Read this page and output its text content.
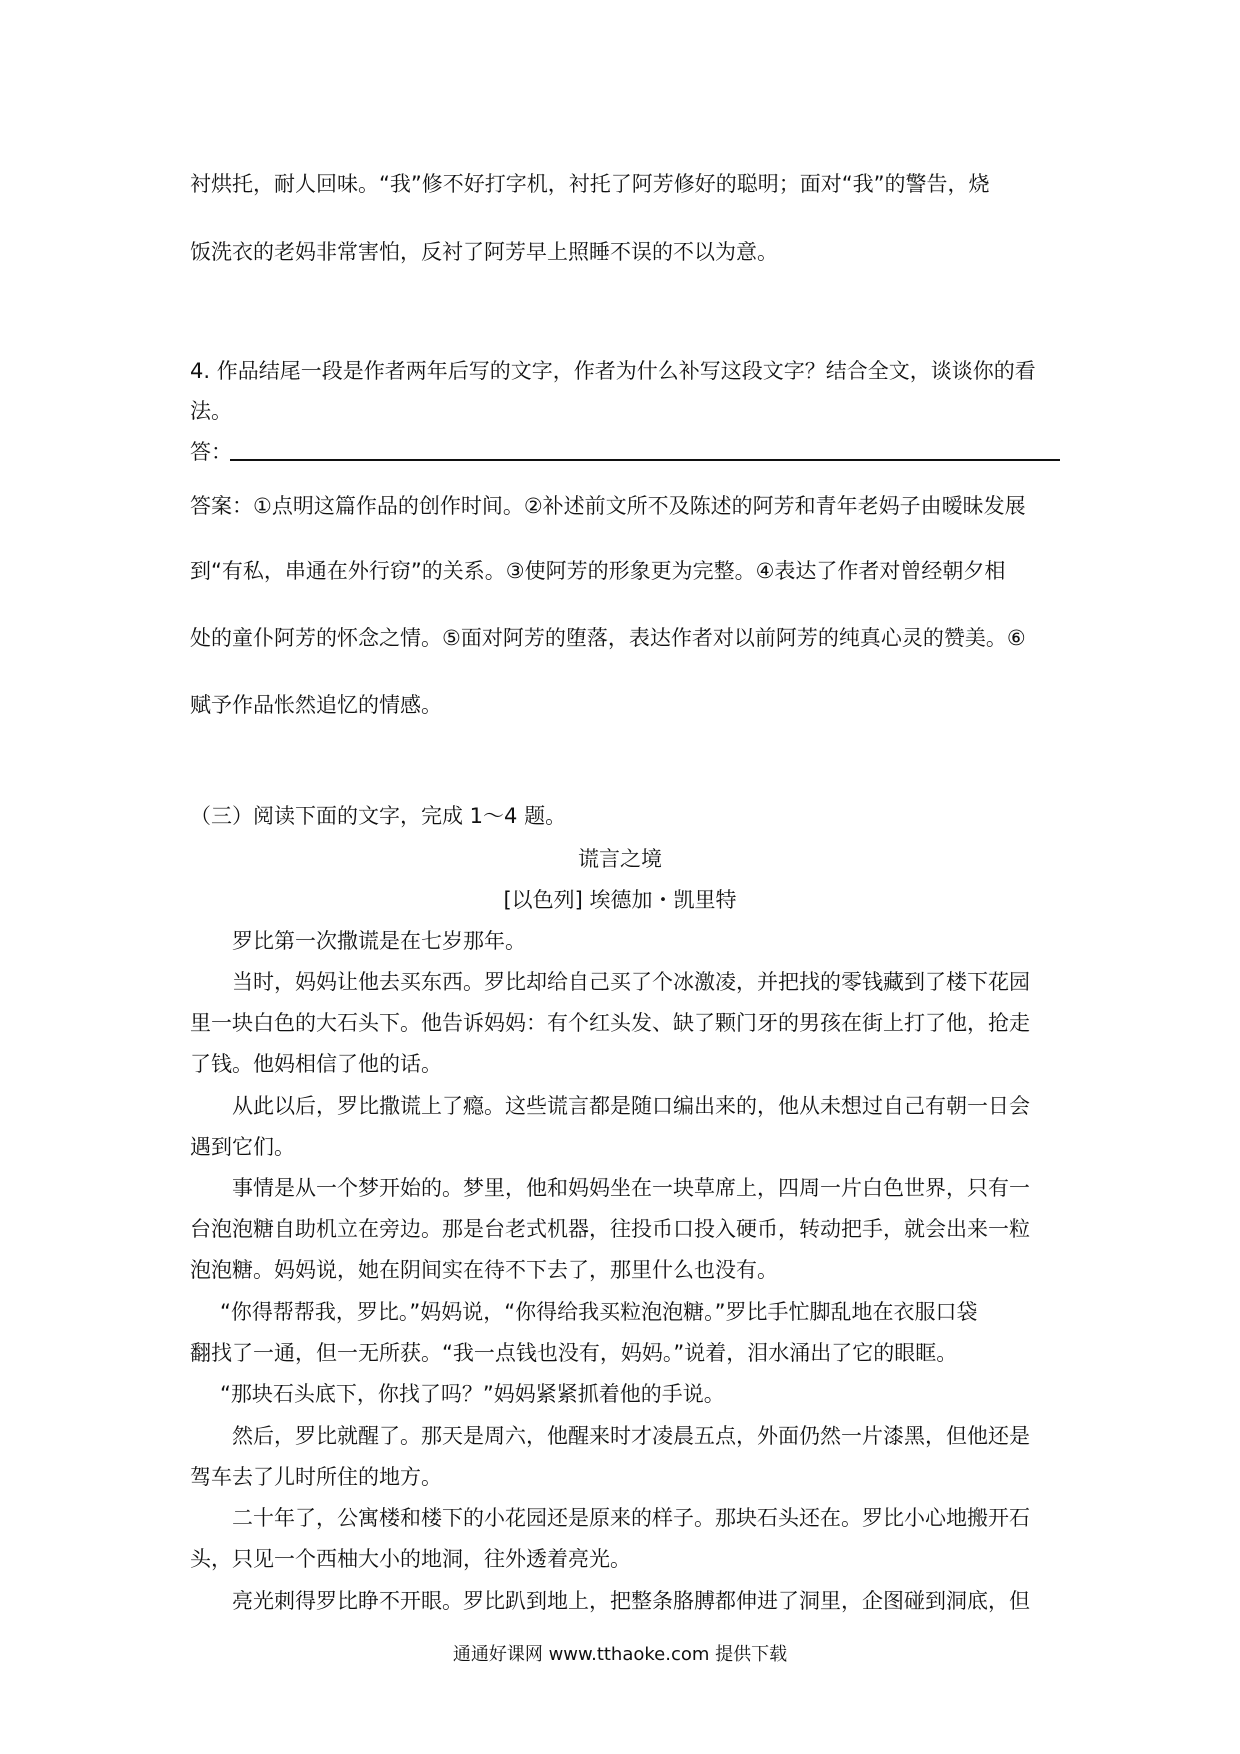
衬烘托，耐人回味。“我”修不好打字机，衬托了阿芳修好的聪明；面对“我”的警告，烧
饭洗衣的老妈非常害怕，反衬了阿芳早上照睡不误的不以为意。
4. 作品结尾一段是作者两年后写的文字，作者为什么补写这段文字？结合全文，谈谈你的看
法。
答：
答案：①点明这篇作品的创作时间。②补述前文所不及陈述的阿芳和青年老妈子由暧昧发展
到“有私，串通在外行窃”的关系。③使阿芳的形象更为完整。④表达了作者对曾经朝夕相
处的童仆阿芳的怀念之情。⑤面对阿芳的堕落，表达作者对以前阿芳的纯真心灵的赞美。⑥
赋予作品怅然追忆的情感。
（三）阅读下面的文字，完成 1～4 题。
谎言之境
[以色列] 埃德加・凯里特
罗比第一次撒谎是在七岁那年。
当时，妈妈让他去买东西。罗比却给自己买了个冰激凌，并把找的零钱藏到了楼下花园
里一块白色的大石头下。他告诉妈妈：有个红头发、缺了颗门牙的男孩在街上打了他，抢走
了钱。他妈相信了他的话。
从此以后，罗比撒谎上了瘾。这些谎言都是随口编出来的，他从未想过自己有朝一日会
遇到它们。
事情是从一个梦开始的。梦里，他和妈妈坐在一块草席上，四周一片白色世界，只有一
台泡泡糖自助机立在旁边。那是台老式机器，往投币口投入硬币，转动把手，就会出来一粒
泡泡糖。妈妈说，她在阴间实在待不下去了，那里什么也没有。
“你得帮帮我，罗比。”妈妈说，“你得给我买粒泡泡糖。”罗比手忙脚乱地在衣服口袋
翻找了一通，但一无所获。“我一点钱也没有，妈妈。”说着，泪水涌出了它的眼眶。
“那块石头底下，你找了吗？”妈妈紧紧抓着他的手说。
然后，罗比就醒了。那天是周六，他醒来时才凌晨五点，外面仍然一片漆黑，但他还是
驾车去了儿时所住的地方。
二十年了，公寓楼和楼下的小花园还是原来的样子。那块石头还在。罗比小心地搬开石
头，只见一个西柚大小的地洞，往外透着亮光。
亮光刺得罗比睁不开眼。罗比趴到地上，把整条胳膊都伸进了洞里，企图碰到洞底，但
通通好课网 www.tthaoke.com 提供下载
